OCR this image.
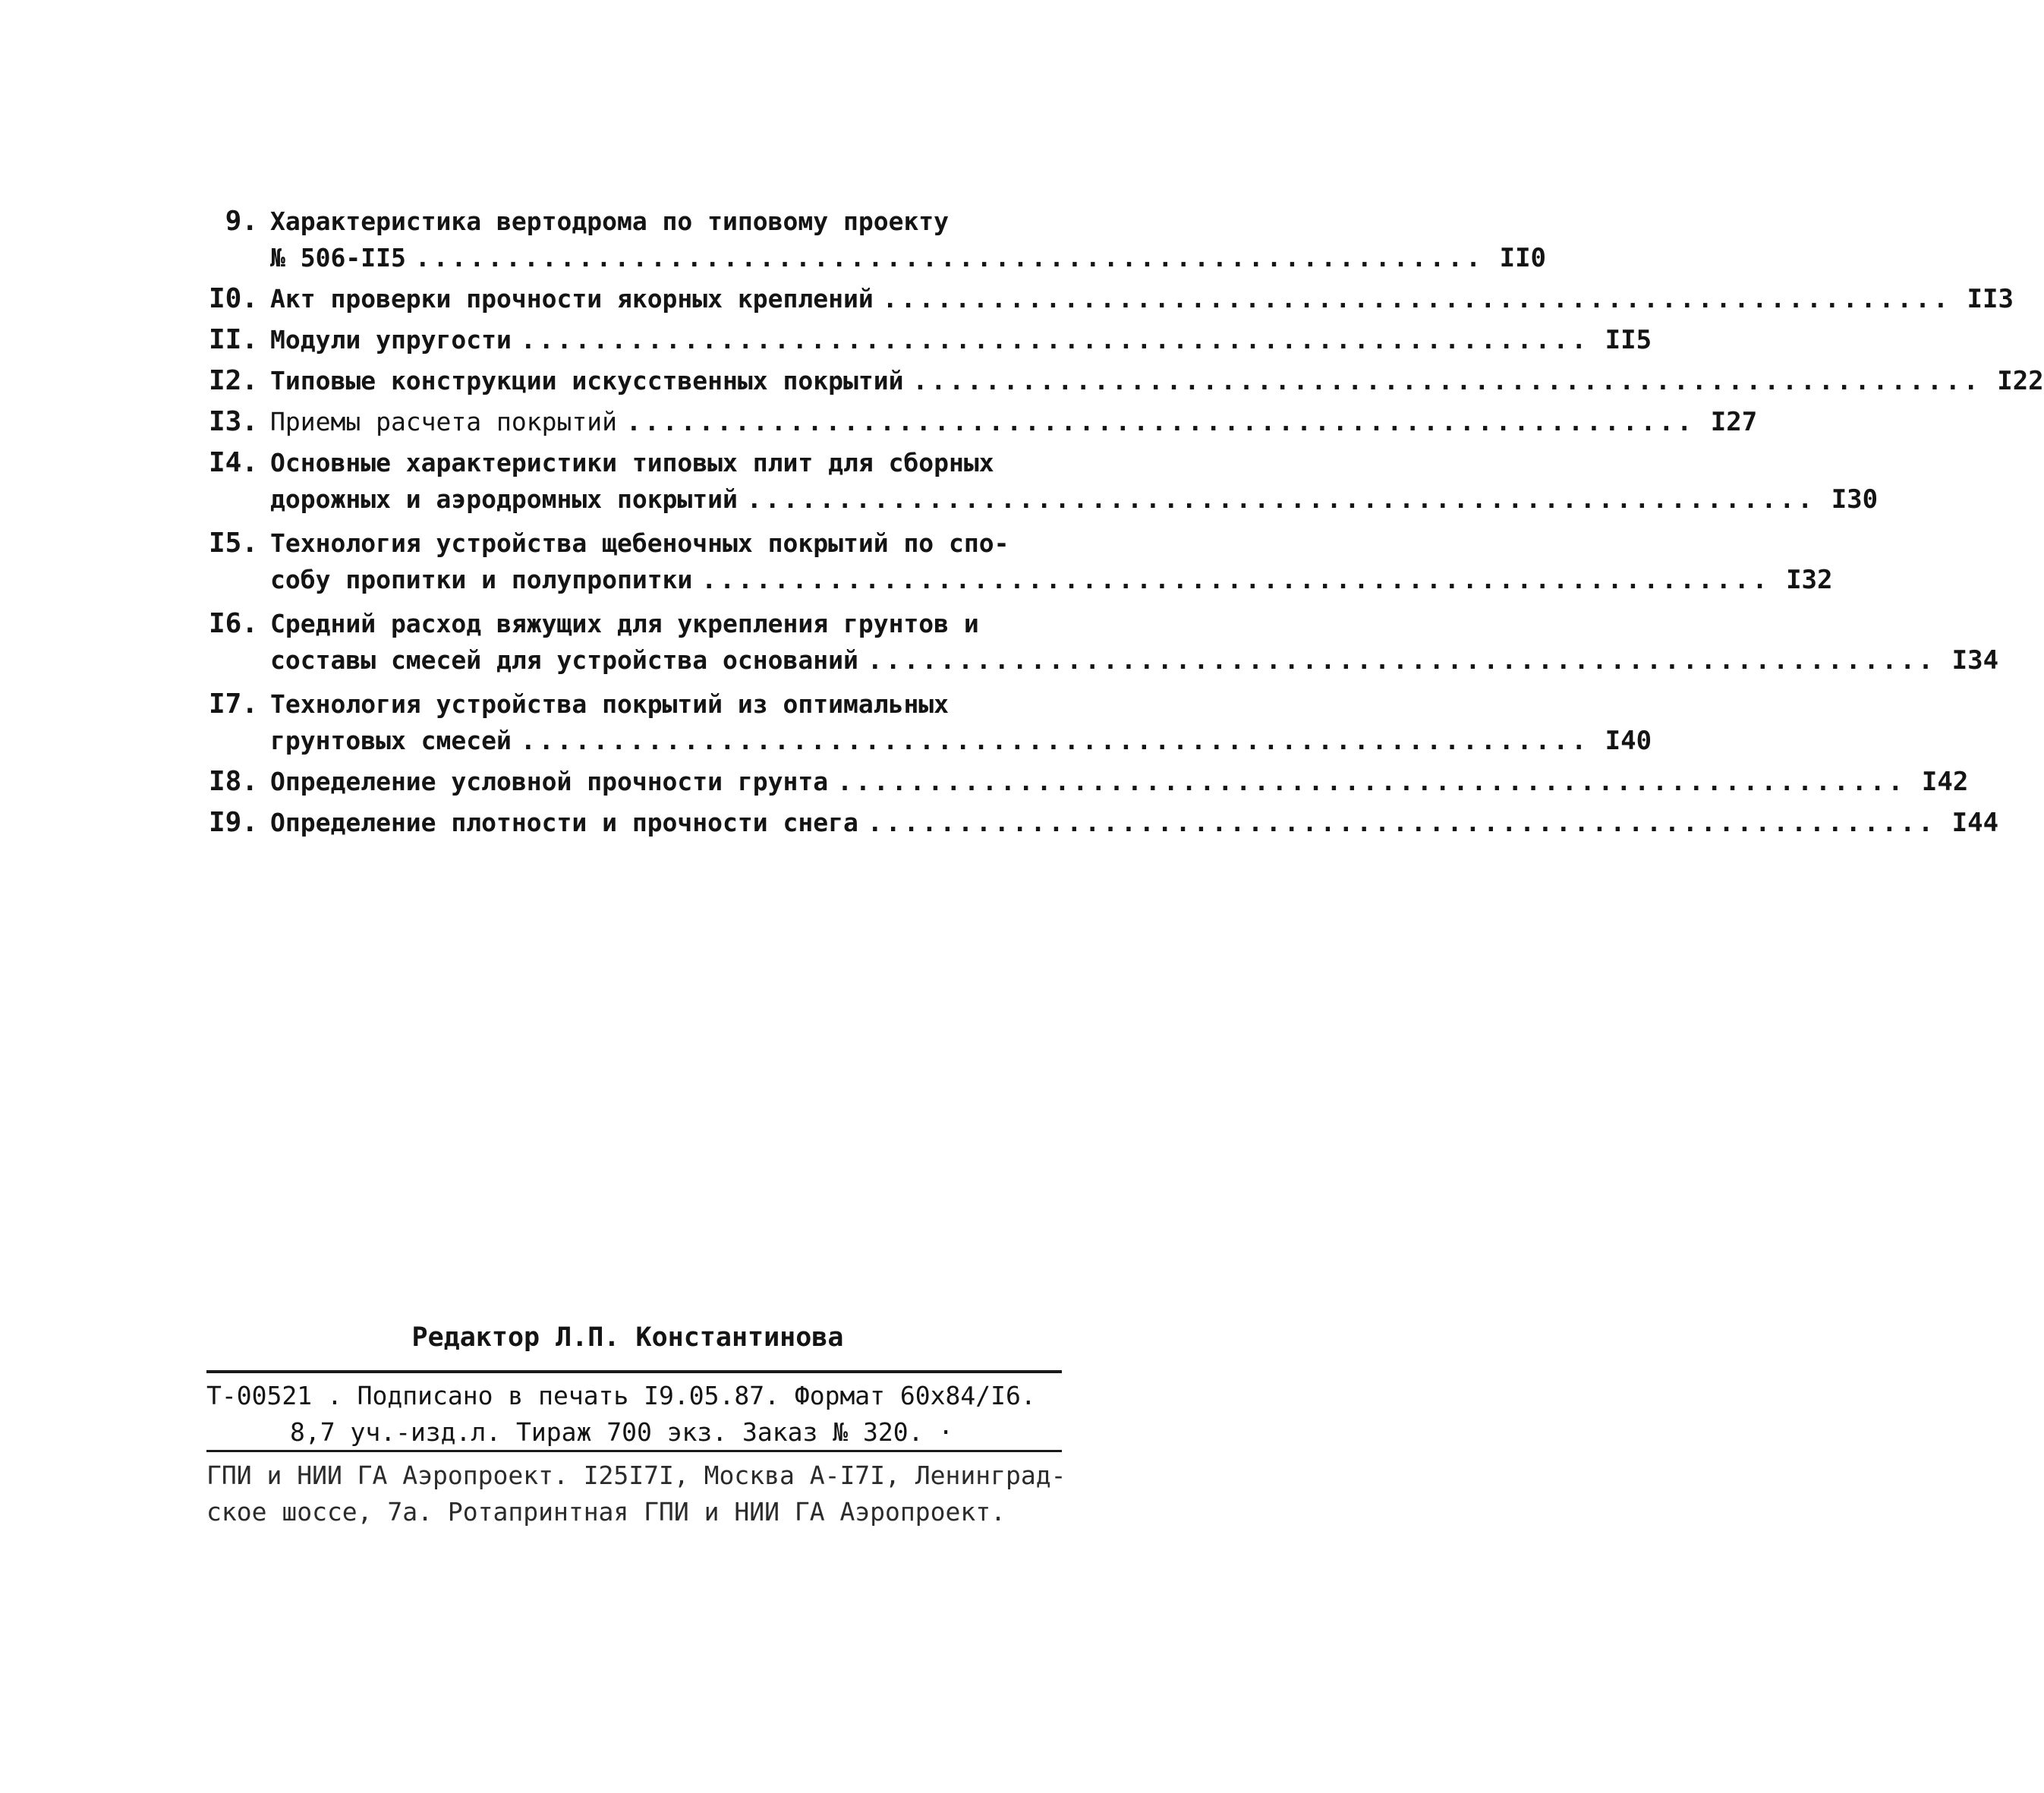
9. Характеристика вертодрома по типовому проекту
№ 506-II5 ........................................................... II0
I0. Акт проверки прочности якорных креплений ........................................................... II3
II. Модули упругости ........................................................... II5
I2. Типовые конструкции искусственных покрытий ........................................................... I22
I3. Приемы расчета покрытий ........................................................... I27
I4. Основные характеристики типовых плит для сборных
дорожных и аэродромных покрытий ........................................................... I30
I5. Технология устройства щебеночных покрытий по спо-
собу пропитки и полупропитки ........................................................... I32
I6. Средний расход вяжущих для укрепления грунтов и
составы смесей для устройства оснований ........................................................... I34
I7. Технология устройства покрытий из оптимальных
грунтовых смесей ........................................................... I40
I8. Определение условной прочности грунта ........................................................... I42
I9. Определение плотности и прочности снега ........................................................... I44
Редактор Л.П. Константинова
Т-00521 . Подписано в печать I9.05.87. Формат 60х84/I6.
8,7 уч.-изд.л. Тираж 700 экз. Заказ № 320. ·
ГПИ и НИИ ГА Аэропроект. I25I7I, Москва А-I7I, Ленинград-
ское шоссе, 7а. Ротапринтная ГПИ и НИИ ГА Аэропроект.
